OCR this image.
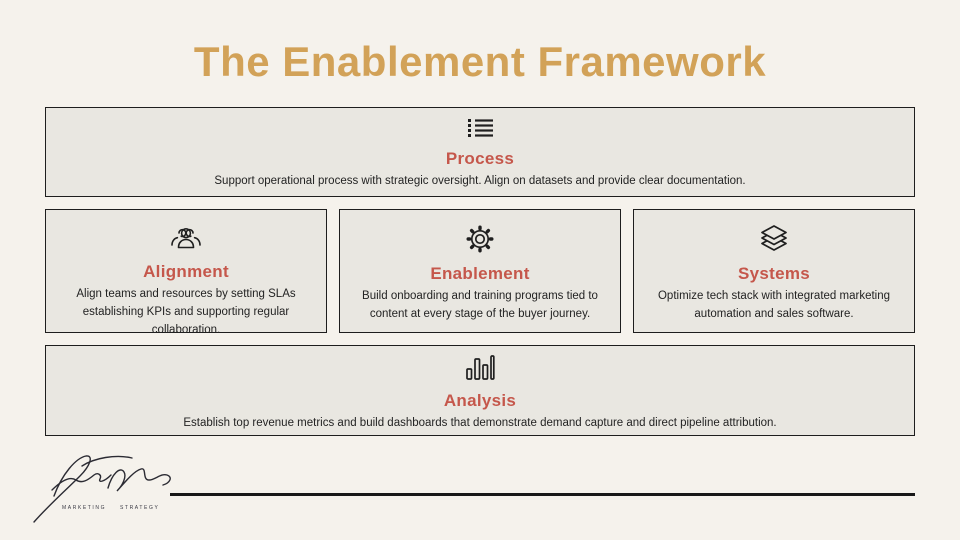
The Enablement Framework
Process
Support operational process with strategic oversight. Align on datasets and provide clear documentation.
Alignment
Align teams and resources by setting SLAs establishing KPIs and supporting regular collaboration.
Enablement
Build onboarding and training programs tied to content at every stage of the buyer journey.
Systems
Optimize tech stack with integrated marketing automation and sales software.
Analysis
Establish top revenue metrics and build dashboards that demonstrate demand capture and direct pipeline attribution.
MARKETING	STRATEGY
